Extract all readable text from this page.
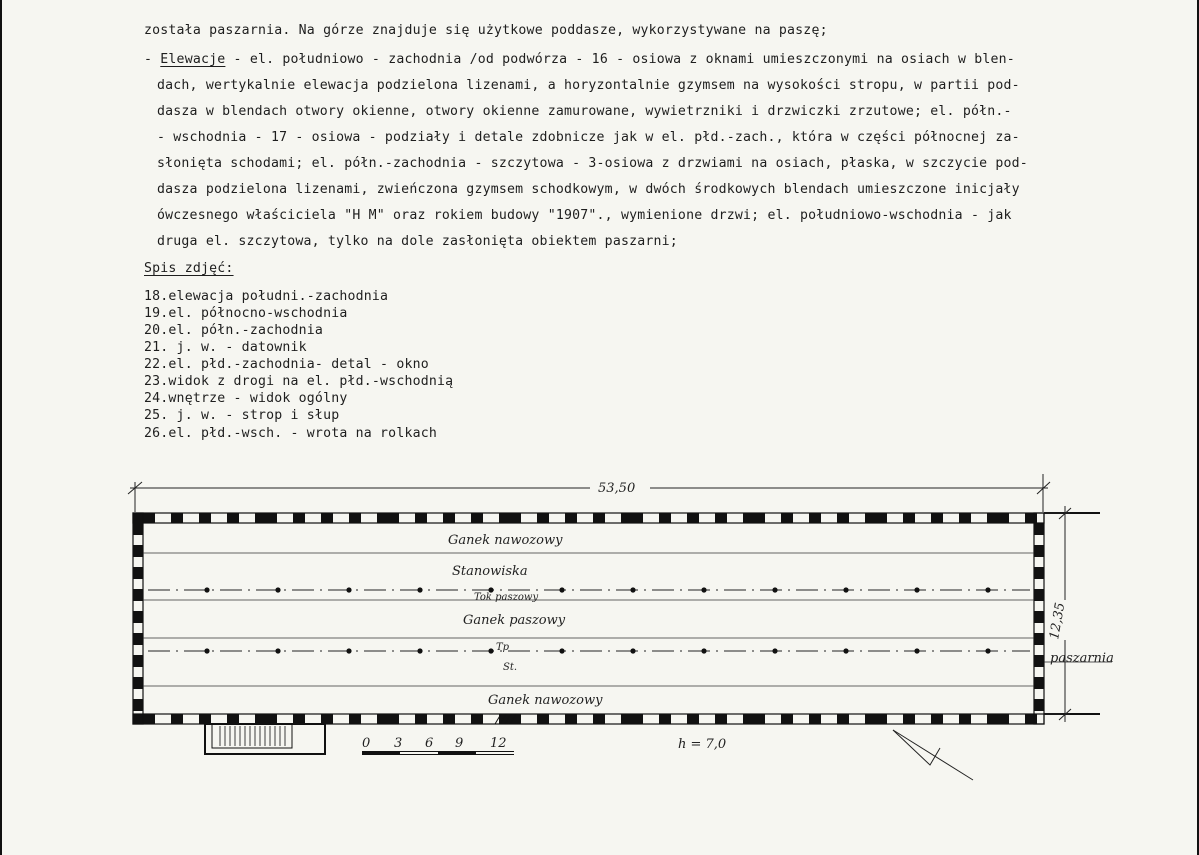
została paszarnia. Na górze znajduje się użytkowe poddasze, wykorzystywane na paszę;
- Elewacje - el. południowo - zachodnia /od podwórza - 16 - osiowa z oknami umieszczonymi na osiach w blen-
dach, wertykalnie elewacja podzielona lizenami, a horyzontalnie gzymsem na wysokości stropu, w partii pod-
dasza w blendach otwory okienne, otwory okienne zamurowane, wywietrzniki i drzwiczki zrzutowe; el. półn.-
- wschodnia - 17 - osiowa - podziały i detale zdobnicze jak w el. płd.-zach., która w części północnej za-
słonięta schodami; el. półn.-zachodnia - szczytowa - 3-osiowa z drzwiami na osiach, płaska, w szczycie pod-
dasza podzielona lizenami, zwieńczona gzymsem schodkowym, w dwóch środkowych blendach umieszczone inicjały
ówczesnego właściciela "H M" oraz rokiem budowy "1907"., wymienione drzwi; el. południowo-wschodnia - jak
druga el. szczytowa, tylko na dole zasłonięta obiektem paszarni;
Spis zdjęć:
18.elewacja południ.-zachodnia
19.el. północno-wschodnia
20.el. półn.-zachodnia
21. j. w. - datownik
22.el. płd.-zachodnia- detal - okno
23.widok z drogi na el. płd.-wschodnią
24.wnętrze - widok ogólny
25. j. w. - strop i słup
26.el. płd.-wsch. - wrota na rolkach
53,50
Ganek nawozowy
Stanowiska
Tok paszowy
Ganek paszowy
Tp
St.
Ganek nawozowy
12,35
paszarnia
0 3 6 9 12	h = 7,0
